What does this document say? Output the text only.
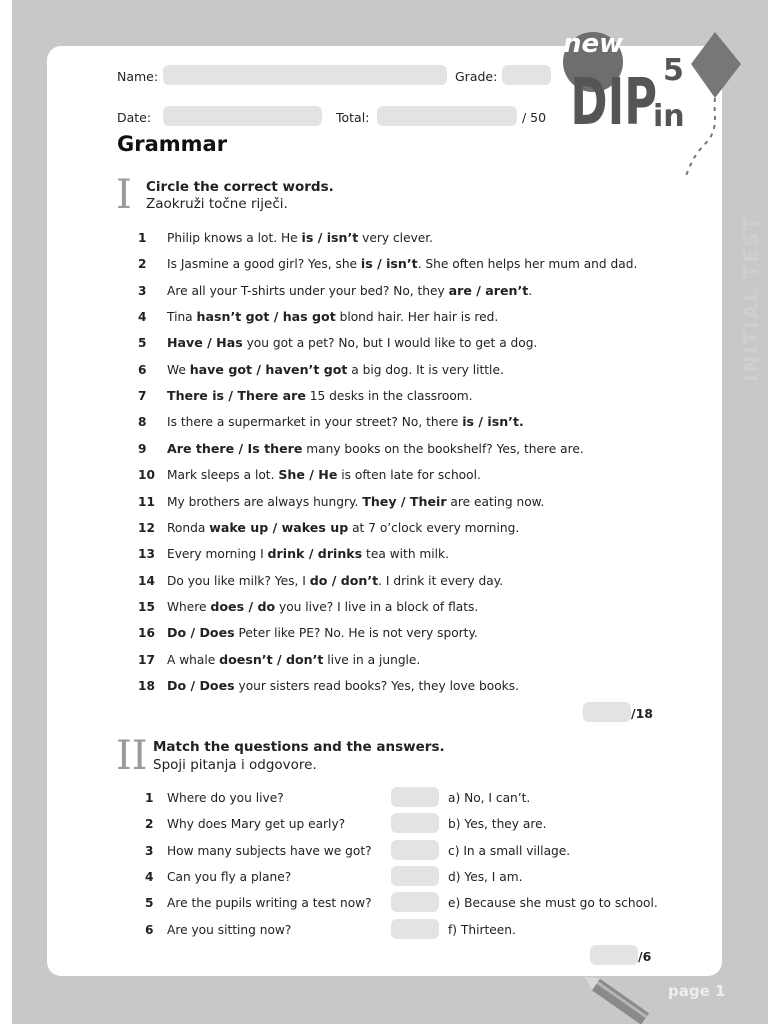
new
DIP 5
in
Name:	Grade:
Date:	Total:	/ 50
Grammar
I Circle the correct words.
Zaokruži točne riječi.
1 Philip knows a lot. He is / isn’t very clever.
2 Is Jasmine a good girl? Yes, she is / isn’t. She often helps her mum and dad.
3 Are all your T-shirts under your bed? No, they are / aren’t.
4 Tina hasn’t got / has got blond hair. Her hair is red.
5 Have / Has you got a pet? No, but I would like to get a dog.
6 We have got / haven’t got a big dog. It is very little.
7 There is / There are 15 desks in the classroom.
8 Is there a supermarket in your street? No, there is / isn’t.
9 Are there / Is there many books on the bookshelf? Yes, there are.
10 Mark sleeps a lot. She / He is often late for school.
11 My brothers are always hungry. They / Their are eating now.
12 Ronda wake up / wakes up at 7 o’clock every morning.
13 Every morning I drink / drinks tea with milk.
14 Do you like milk? Yes, I do / don’t. I drink it every day.
15 Where does / do you live? I live in a block of flats.
16 Do / Does Peter like PE? No. He is not very sporty.
17 A whale doesn’t / don’t live in a jungle.
18 Do / Does your sisters read books? Yes, they love books.
/18
II Match the questions and the answers.
Spoji pitanja i odgovore.
1 Where do you live?	a) No, I can’t.
2 Why does Mary get up early?	b) Yes, they are.
3 How many subjects have we got?	c) In a small village.
4 Can you fly a plane?	d) Yes, I am.
5 Are the pupils writing a test now?	e) Because she must go to school.
6 Are you sitting now?	f) Thirteen.
/6
page 1
